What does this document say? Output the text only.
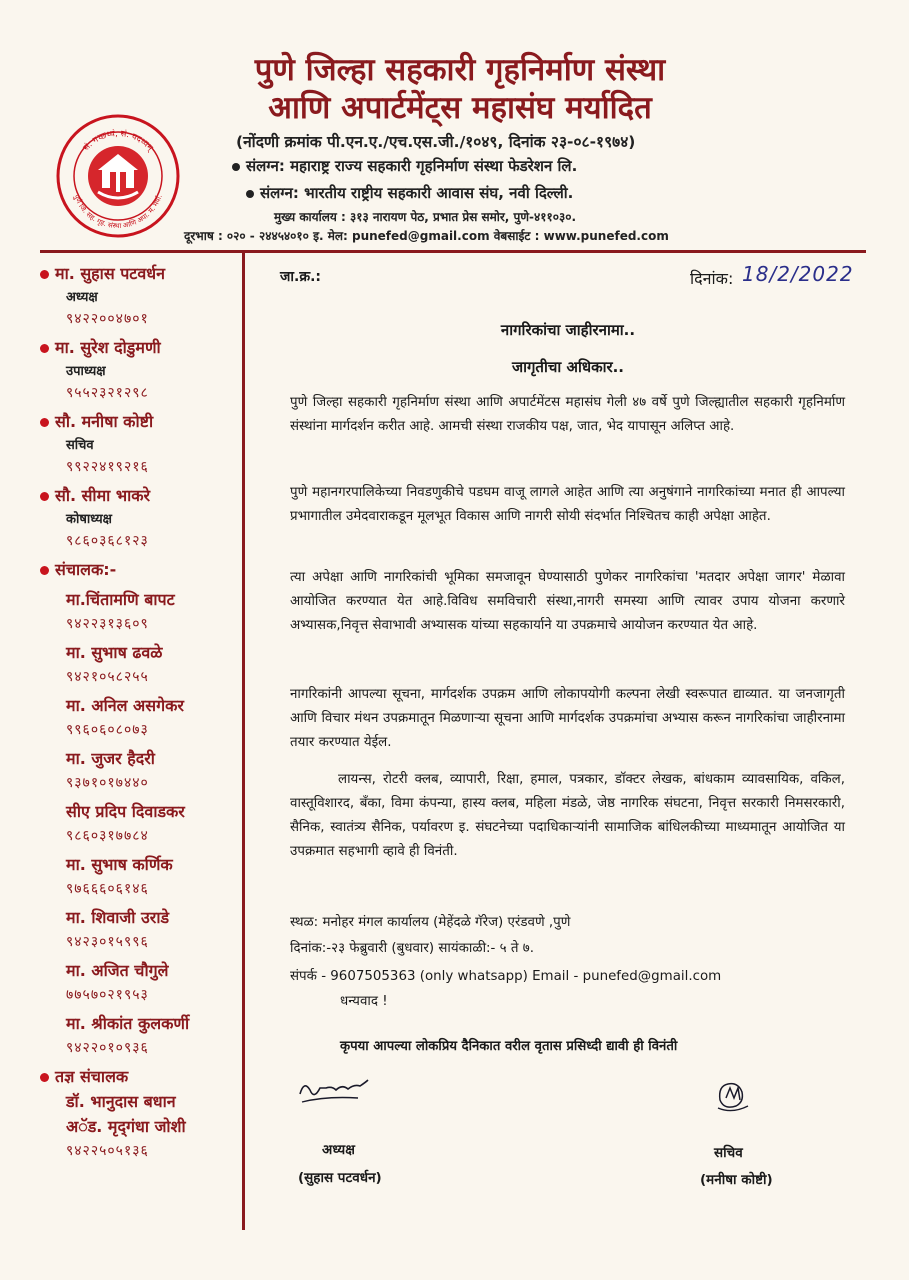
सं. गच्छध्वं, सं. वदध्वम्
पुणे जि. सह. गृह. संस्था आणि अपा. म. मर्या.
पुणे जिल्हा सहकारी गृहनिर्माण संस्था
आणि अपार्टमेंट्स महासंघ मर्यादित
(नोंदणी क्रमांक पी.एन.ए./एच.एस.जी./१०४९, दिनांक २३-०८-१९७४)
संलग्न: महाराष्ट्र राज्य सहकारी गृहनिर्माण संस्था फेडरेशन लि.
संलग्न: भारतीय राष्ट्रीय सहकारी आवास संघ, नवी दिल्ली.
मुख्य कार्यालय : ३१३ नारायण पेठ, प्रभात प्रेस समोर, पुणे-४११०३०.
दूरभाष : ०२० - २४४५४०१० इ. मेल: punefed@gmail.com वेबसाईट : www.punefed.com
मा. सुहास पटवर्धन
अध्यक्ष
९४२२००४७०१
मा. सुरेश दोडुमणी
उपाध्यक्ष
९५५२३२१२९८
सौ. मनीषा कोष्टी
सचिव
९९२२४१९२१६
सौ. सीमा भाकरे
कोषाध्यक्ष
९८६०३६८१२३
संचालक:-
मा.चिंतामणि बापट
९४२२३१३६०९
मा. सुभाष ढवळे
९४२१०५८२५५
मा. अनिल असगेकर
९९६०६०८०७३
मा. जुजर हैदरी
९३७१०१७४४०
सीए प्रदिप दिवाडकर
९८६०३१७७८४
मा. सुभाष कर्णिक
९७६६६०६१४६
मा. शिवाजी उराडे
९४२३०१५९९६
मा. अजित चौगुले
७७५७०२१९५३
मा. श्रीकांत कुलकर्णी
९४२२०१०९३६
तज्ञ संचालक
डॉ. भानुदास बधान
अॅड. मृद्‌गंधा जोशी
९४२२५०५१३६
जा.क्र.:	दिनांक: 18/2/2022
नागरिकांचा जाहीरनामा..
जागृतीचा अधिकार..
पुणे जिल्हा सहकारी गृहनिर्माण संस्था आणि अपार्टमेंटस महासंघ गेली ४७ वर्षे पुणे जिल्ह्यातील सहकारी गृहनिर्माण संस्थांना मार्गदर्शन करीत आहे. आमची संस्था राजकीय पक्ष, जात, भेद यापासून अलिप्त आहे.
पुणे महानगरपालिकेच्या निवडणुकीचे पडघम वाजू लागले आहेत आणि त्या अनुषंगाने नागरिकांच्या मनात ही आपल्या प्रभागातील उमेदवाराकडून मूलभूत विकास आणि नागरी सोयी संदर्भात निश्चितच काही अपेक्षा आहेत.
त्या अपेक्षा आणि नागरिकांची भूमिका समजावून घेण्यासाठी पुणेकर नागरिकांचा 'मतदार अपेक्षा जागर' मेळावा आयोजित करण्यात येत आहे.विविध समविचारी संस्था,नागरी समस्या आणि त्यावर उपाय योजना करणारे अभ्यासक,निवृत्त सेवाभावी अभ्यासक यांच्या सहकार्याने या उपक्रमाचे आयोजन करण्यात येत आहे.
नागरिकांनी आपल्या सूचना, मार्गदर्शक उपक्रम आणि लोकापयोगी कल्पना लेखी स्वरूपात द्याव्यात. या जनजागृती आणि विचार मंथन उपक्रमातून मिळणाऱ्या सूचना आणि मार्गदर्शक उपक्रमांचा अभ्यास करून नागरिकांचा जाहीरनामा तयार करण्यात येईल.
लायन्स, रोटरी क्लब, व्यापारी, रिक्षा, हमाल, पत्रकार, डॉक्टर लेखक, बांधकाम व्यावसायिक, वकिल, वास्तूविशारद, बँका, विमा कंपन्या, हास्य क्लब, महिला मंडळे, जेष्ठ नागरिक संघटना, निवृत्त सरकारी निमसरकारी, सैनिक, स्वातंत्र्य सैनिक, पर्यावरण इ. संघटनेच्या पदाधिकाऱ्यांनी सामाजिक बांधिलकीच्या माध्यमातून आयोजित या उपक्रमात सहभागी व्हावे ही विनंती.
स्थळ: मनोहर मंगल कार्यालय (मेहेंदळे गॅरेज) एरंडवणे ,पुणे
दिनांक:-२३ फेब्रुवारी (बुधवार) सायंकाळी:- ५ ते ७.
संपर्क - 9607505363 (only whatsapp) Email - punefed@gmail.com
धन्यवाद !
कृपया आपल्या लोकप्रिय दैनिकात वरील वृतास प्रसिध्दी द्यावी ही विनंती
अध्यक्ष
(सुहास पटवर्धन)
सचिव
(मनीषा कोष्टी)
